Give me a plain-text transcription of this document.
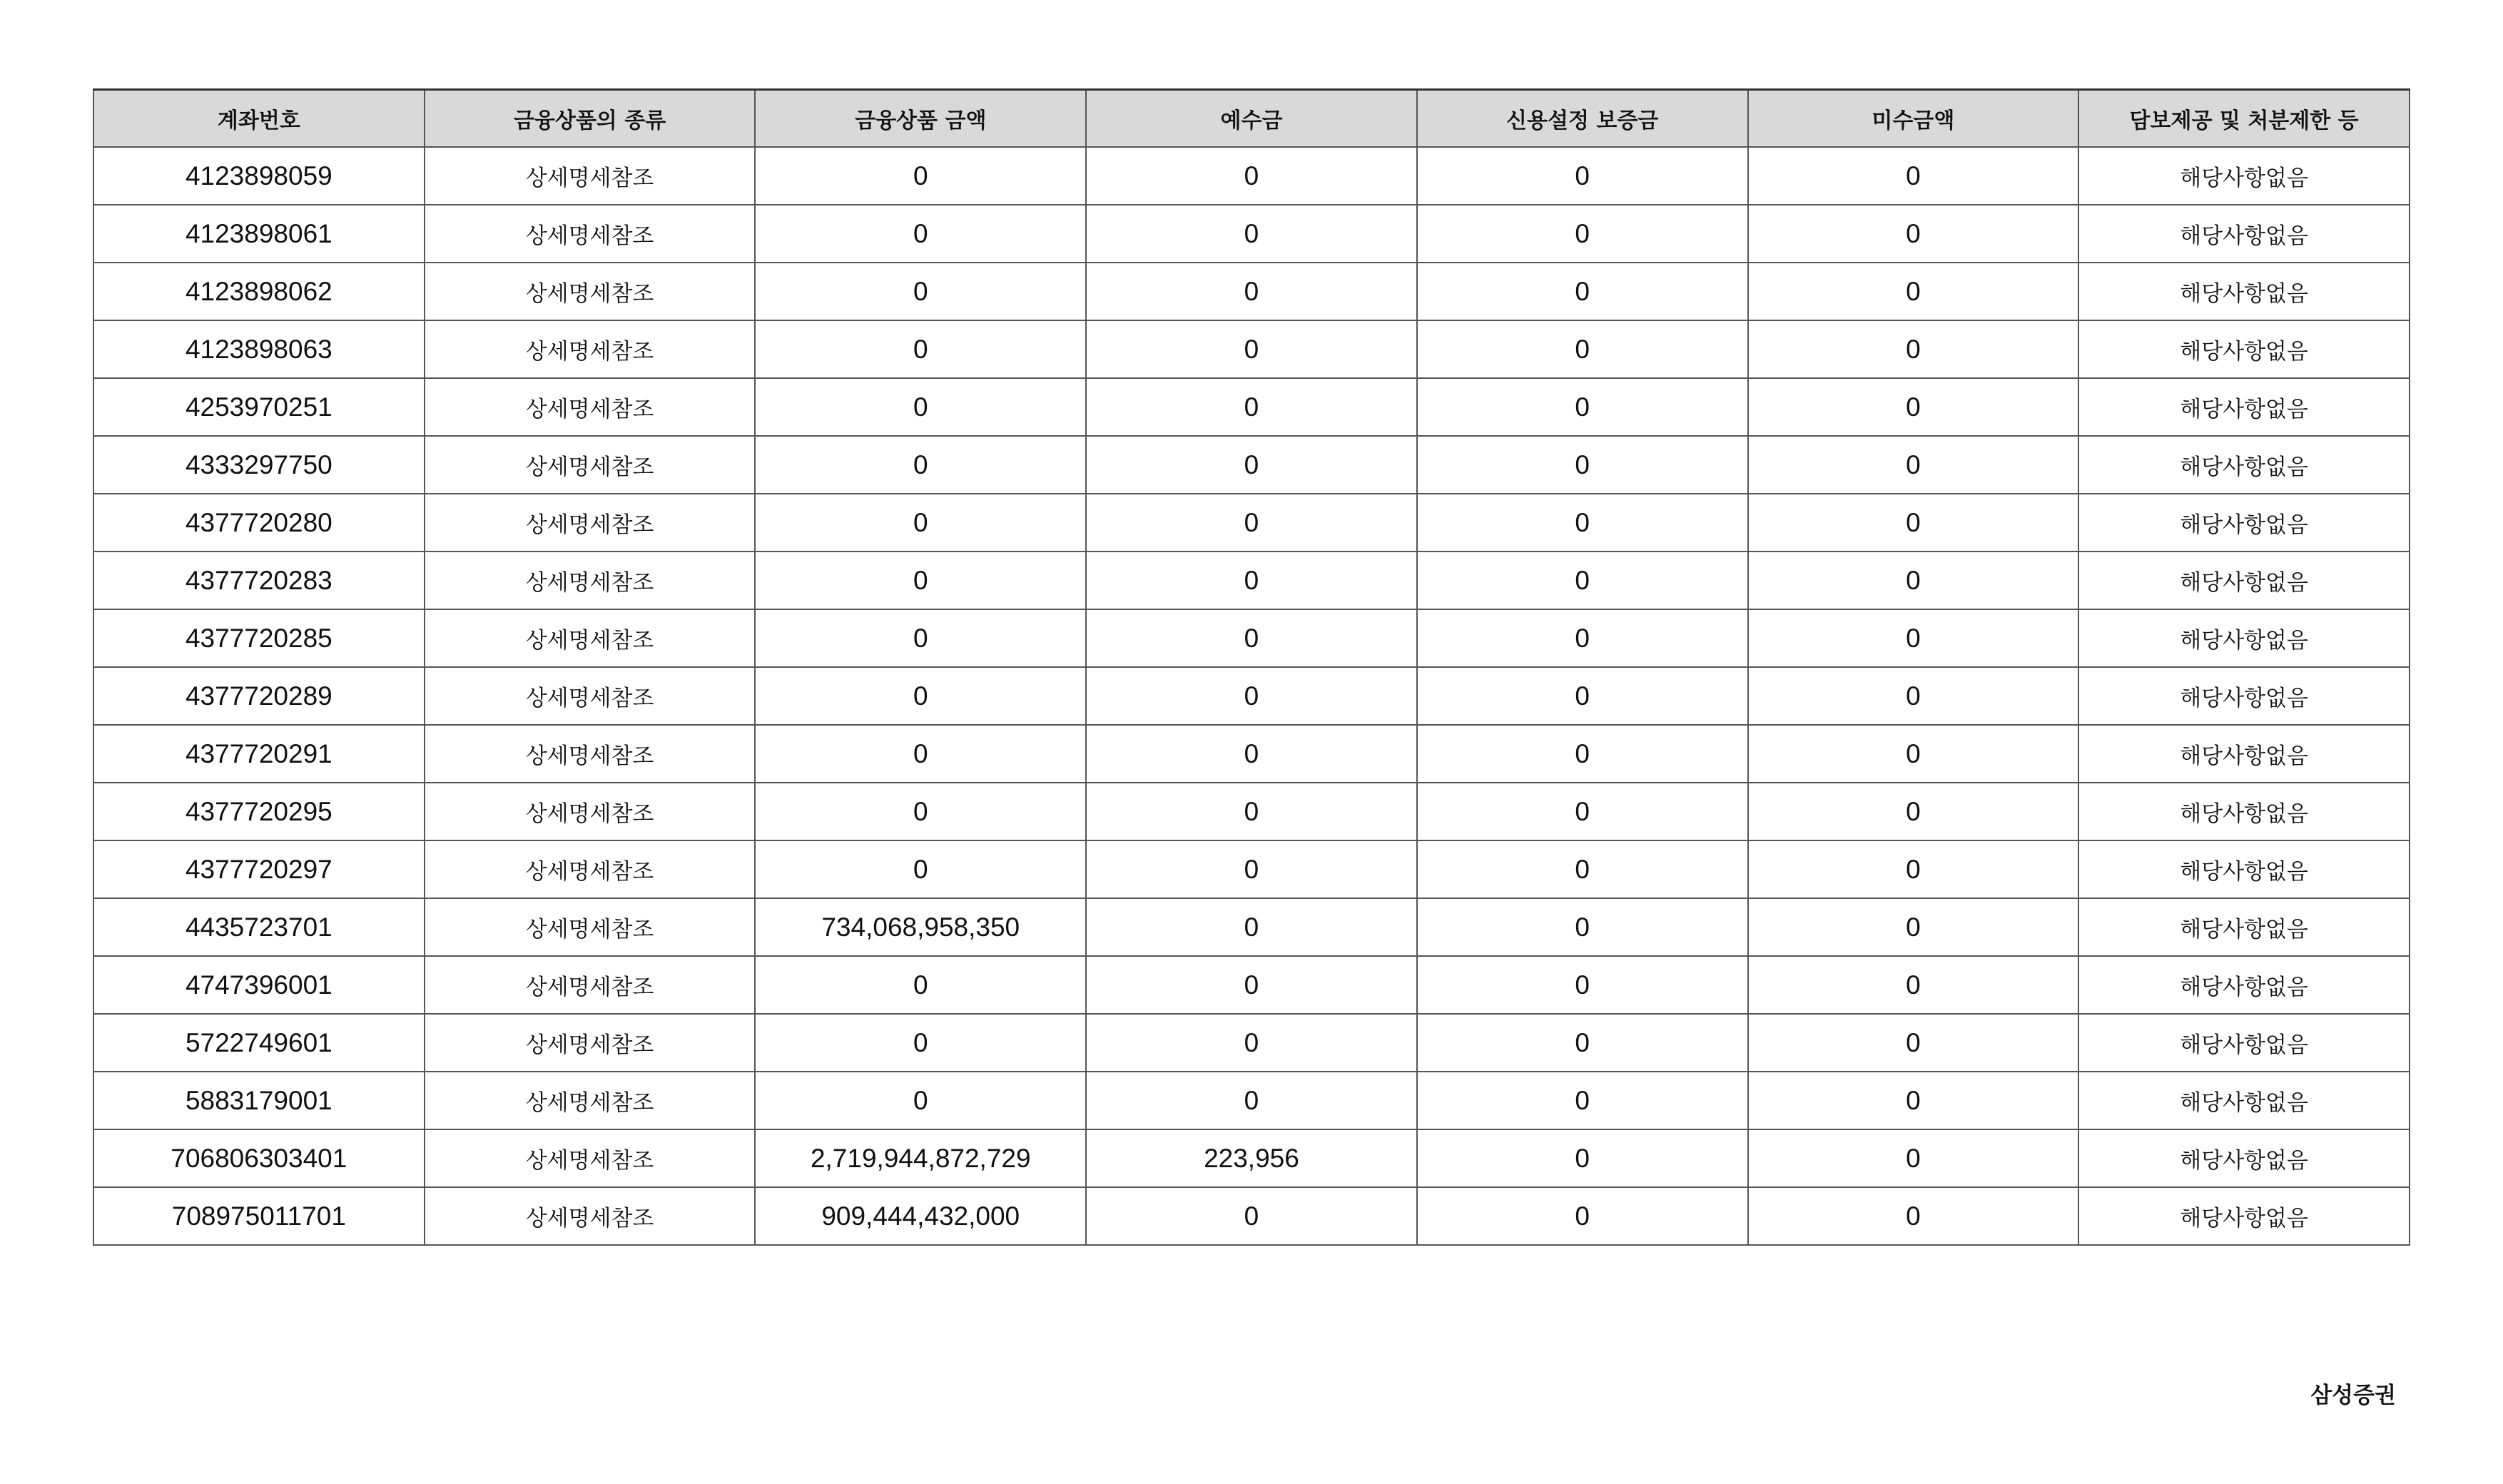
계좌번호	금융상품의 종류	금융상품 금액	예수금	신용설정 보증금	미수금액	담보제공 및 처분제한 등
4123898059	상세명세참조	0	0	0	0	해당사항없음
4123898061	상세명세참조	0	0	0	0	해당사항없음
4123898062	상세명세참조	0	0	0	0	해당사항없음
4123898063	상세명세참조	0	0	0	0	해당사항없음
4253970251	상세명세참조	0	0	0	0	해당사항없음
4333297750	상세명세참조	0	0	0	0	해당사항없음
4377720280	상세명세참조	0	0	0	0	해당사항없음
4377720283	상세명세참조	0	0	0	0	해당사항없음
4377720285	상세명세참조	0	0	0	0	해당사항없음
4377720289	상세명세참조	0	0	0	0	해당사항없음
4377720291	상세명세참조	0	0	0	0	해당사항없음
4377720295	상세명세참조	0	0	0	0	해당사항없음
4377720297	상세명세참조	0	0	0	0	해당사항없음
4435723701	상세명세참조	734,068,958,350	0	0	0	해당사항없음
4747396001	상세명세참조	0	0	0	0	해당사항없음
5722749601	상세명세참조	0	0	0	0	해당사항없음
5883179001	상세명세참조	0	0	0	0	해당사항없음
706806303401	상세명세참조	2,719,944,872,729	223,956	0	0	해당사항없음
708975011701	상세명세참조	909,444,432,000	0	0	0	해당사항없음
삼성증권
